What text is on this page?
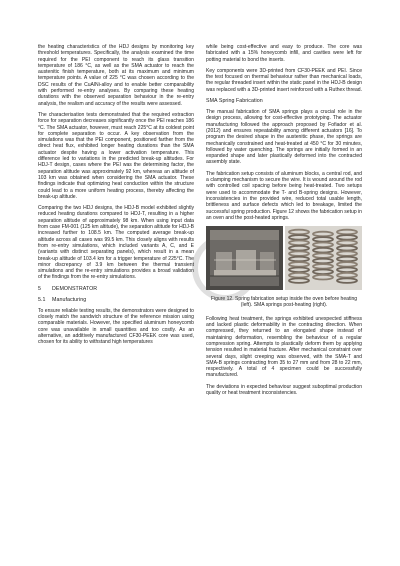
the heating characteristics of the HDJ designs by monitoring key threshold temperatures. Specifically, the analysis examined the time required for the PEI component to reach its glass transition temperature of 186 °C, as well as the SMA actuator to reach the austenitic finish temperature, both at its maximum and minimum temperature points. A value of 225 °C was chosen according to the DSC results of the CuAlNi-alloy and to enable better comparability with performed re-entry analyses. By comparing these heating durations with the observed separation behaviour in the re-entry analysis, the realism and accuracy of the results were assessed.

The characterisation tests demonstrated that the required extraction force for separation decreases significantly once the PEI reaches 186 °C. The SMA actuator, however, must reach 225°C at its coldest point for complete separation to occur. A key observation from the simulations was that the PEI component, positioned farther from the direct heat flux, exhibited longer heating durations than the SMA actuator despite having a lower activation temperature. This difference led to variations in the predicted break-up altitudes. For HDJ-T design, cases where the PEI was the determining factor, the separation altitude was approximately 92 km, whereas an altitude of 103 km was obtained when considering the SMA actuator. These findings indicate that optimizing heat conduction within the structure could lead to a more uniform heating process, thereby affecting the break-up altitude.

Comparing the two HDJ designs, the HDJ-B model exhibited slightly reduced heating durations compared to HDJ-T, resulting in a higher separation altitude of approximately 98 km. When using input data from case FM-001 (125 km altitude), the separation altitude for HDJ-B increased further to 108.5 km. The computed average break-up altitude across all cases was 99.5 km. This closely aligns with results from re-entry simulations, which included variants A, C, and E (variants with distinct separating panels), which result in a mean break-up altitude of 103.4 km for a trigger temperature of 225°C. The minor discrepancy of 3.9 km between the thermal transient simulations and the re-entry simulations provides a broad validation of the findings from the re-entry simulations.

5 DEMONSTRATOR
5.1 Manufacturing

To ensure reliable testing results, the demonstrators were designed to closely match the sandwich structure of the reference mission using comparable materials. However, the specified aluminum honeycomb core was unavailable in small quantities and too costly. As an alternative, an additively manufactured CF30-PEEK core was used, chosen for its ability to withstand high temperatures

while being cost-effective and easy to produce. The core was fabricated with a 15% honeycomb infill, and cavities were left for potting material to bond the inserts.

Key components were 3D-printed from CF30-PEEK and PEI. Since the test focused on thermal behaviour rather than mechanical loads, the regular threaded insert within the static panel in the HDJ-B design was replaced with a 3D-printed insert reinforced with a Ruthex thread.

SMA Spring Fabrication

The manual fabrication of SMA springs plays a crucial role in the design process, allowing for cost-effective prototyping. The actuator manufacturing followed the approach proposed by Fofiador et al. (2012) and ensures repeatability among different actuators [16]. To program the desired shape in the austenitic phase, the springs are mechanically constrained and heat-treated at 450 °C for 30 minutes, followed by water quenching. The springs are initially formed in an expanded shape and later plastically deformed into the contracted assembly state.

The fabrication setup consists of aluminum blocks, a central rod, and a clamping mechanism to secure the wire. It is wound around the rod with controlled coil spacing before being heat-treated. Two setups were used to accommodate the T- and B-spring designs. However, inconsistencies in the provided wire, reduced total usable length, brittleness and surface defects which led to breakage, limited the successful spring production. Figure 12 shows the fabrication setup in an oven and the post-heated springs.

Figure 12. Spring fabrication setup inside the oven before heating (left). SMA springs post-heating (right).

Following heat treatment, the springs exhibited unexpected stiffness and lacked plastic deformability in the contracting direction. When compressed, they returned to an elongated shape instead of maintaining deformation, resembling the behaviour of a regular compression spring. Attempts to plastically deform them by applying tension resulted in material fracture. After mechanical constraint over several days, slight creeping was observed, with the SMA-T and SMA-B springs contracting from 35 to 27 mm and from 28 to 22 mm, respectively. A total of 4 specimen could be successfully manufactured.

The deviations in expected behaviour suggest suboptimal production quality or heat treatment inconsistencies.
